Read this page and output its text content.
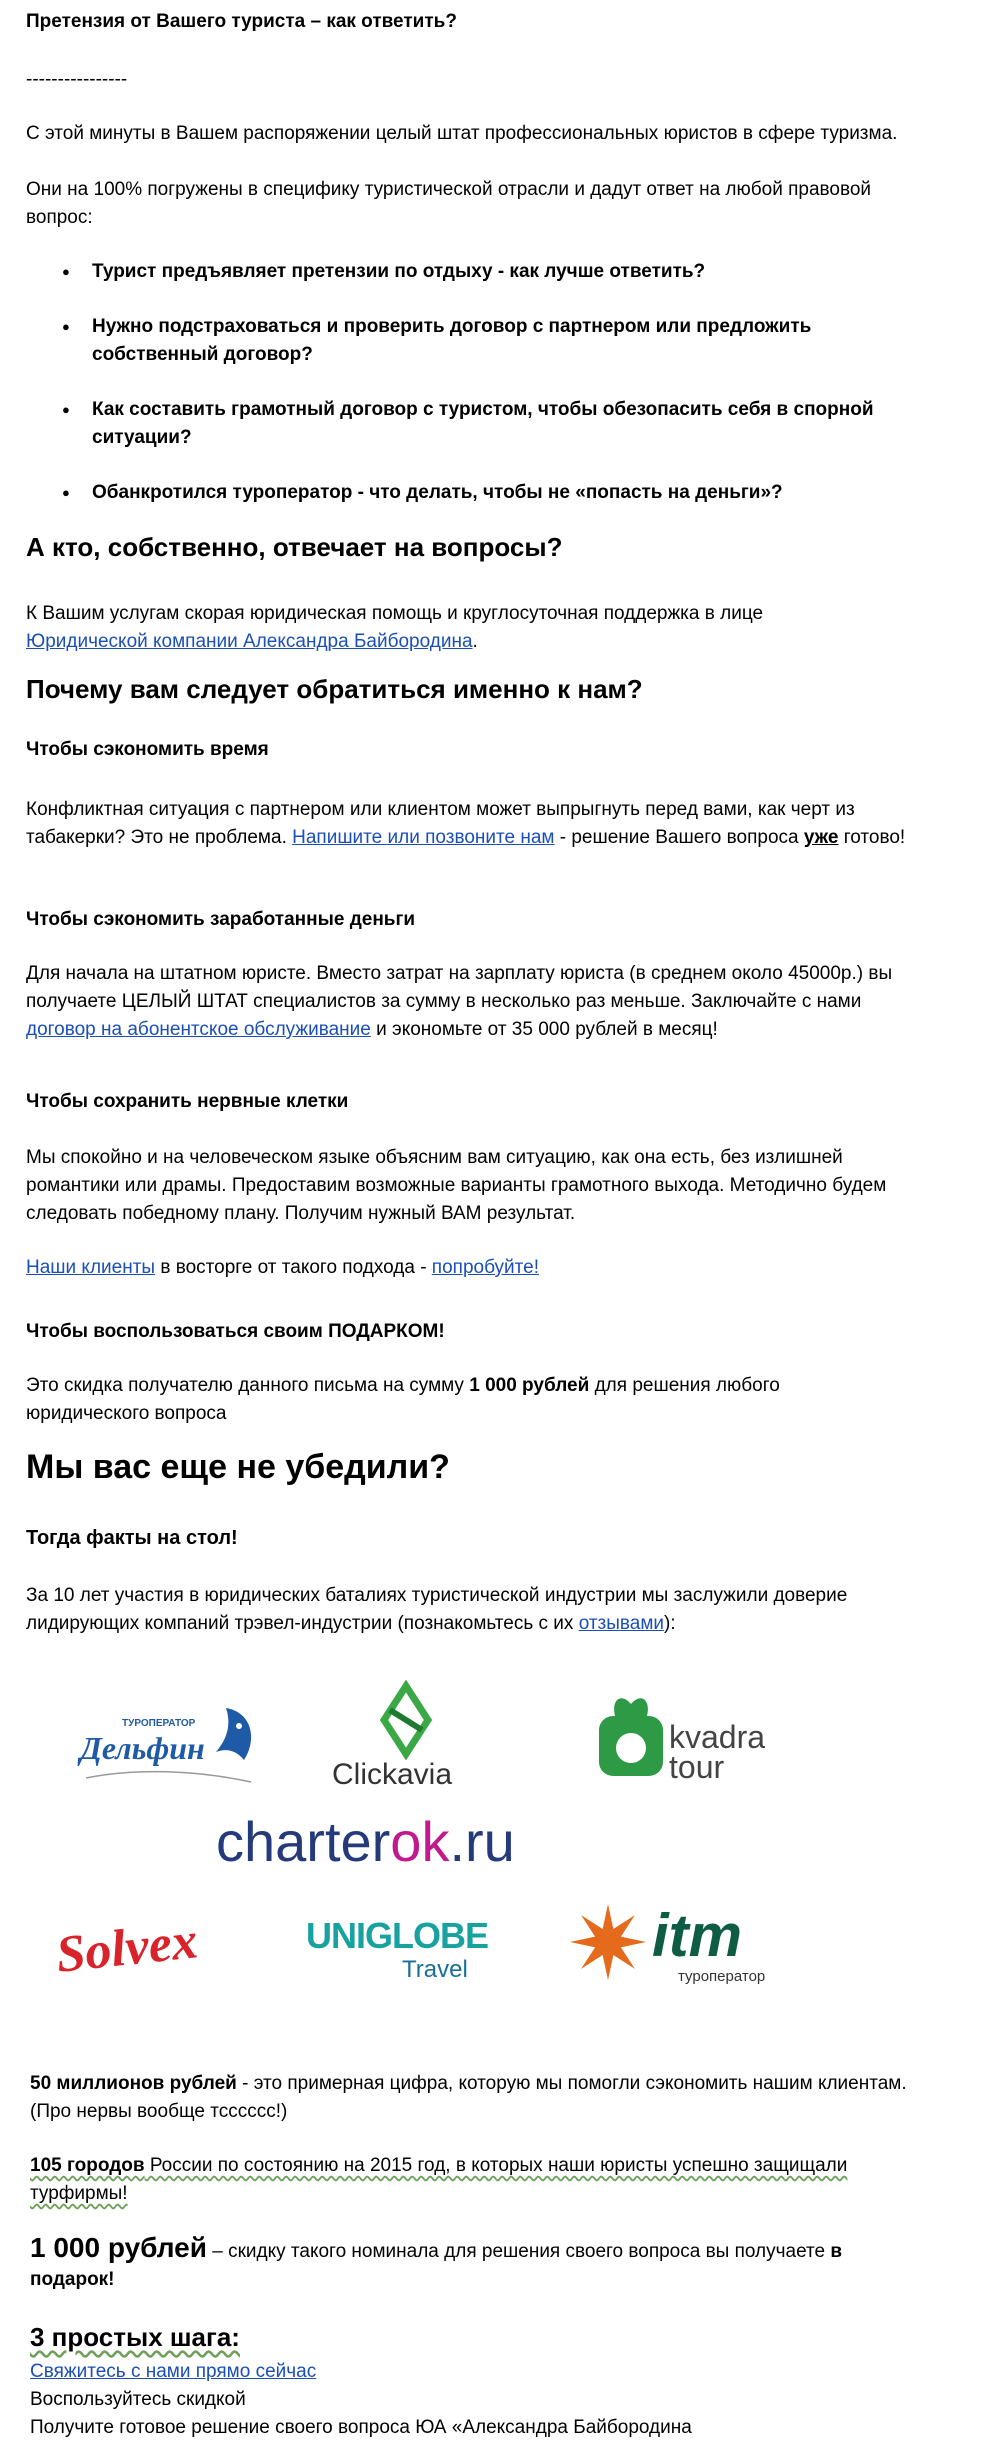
Претензия от Вашего туриста – как ответить?
----------------
С этой минуты в Вашем распоряжении целый штат профессиональных юристов в сфере туризма.
Они на 100% погружены в специфику туристической отрасли и дадут ответ на любой правовой вопрос:
● Турист предъявляет претензии по отдыху - как лучше ответить?
● Нужно подстраховаться и проверить договор с партнером или предложить собственный договор?
● Как составить грамотный договор с туристом, чтобы обезопасить себя в спорной ситуации?
● Обанкротился туроператор - что делать, чтобы не «попасть на деньги»?
А кто, собственно, отвечает на вопросы?
К Вашим услугам скорая юридическая помощь и круглосуточная поддержка в лице
Юридической компании Александра Байбородина.
Почему вам следует обратиться именно к нам?
Чтобы сэкономить время
Конфликтная ситуация с партнером или клиентом может выпрыгнуть перед вами, как черт из табакерки? Это не проблема. Напишите или позвоните нам - решение Вашего вопроса уже готово!
Чтобы сэкономить заработанные деньги
Для начала на штатном юристе. Вместо затрат на зарплату юриста (в среднем около 45000р.) вы получаете ЦЕЛЫЙ ШТАТ специалистов за сумму в несколько раз меньше. Заключайте с нами договор на абонентское обслуживание и экономьте от 35 000 рублей в месяц!
Чтобы сохранить нервные клетки
Мы спокойно и на человеческом языке объясним вам ситуацию, как она есть, без излишней романтики или драмы. Предоставим возможные варианты грамотного выхода. Методично будем следовать победному плану. Получим нужный ВАМ результат.
Наши клиенты в восторге от такого подхода - попробуйте!
Чтобы воспользоваться своим ПОДАРКОМ!
Это скидка получателю данного письма на сумму 1 000 рублей для решения любого юридического вопроса
Мы вас еще не убедили?
Тогда факты на стол!
За 10 лет участия в юридических баталиях туристической индустрии мы заслужили доверие лидирующих компаний трэвел-индустрии (познакомьтесь с их отзывами):
ТУРОПЕРАТОР
Дельфин
Clickavia
kvadra
tour
charterok.ru
Solvex	UNIGLOBE
Travel
itm
туроператор
50 миллионов рублей - это примерная цифра, которую мы помогли сэкономить нашим клиентам. (Про нервы вообще тсссссс!)
105 городов России по состоянию на 2015 год, в которых наши юристы успешно защищали турфирмы!
1 000 рублей – скидку такого номинала для решения своего вопроса вы получаете в подарок!
3 простых шага:
Свяжитесь с нами прямо сейчас
Воспользуйтесь скидкой
Получите готовое решение своего вопроса ЮА «Александра Байбородина
